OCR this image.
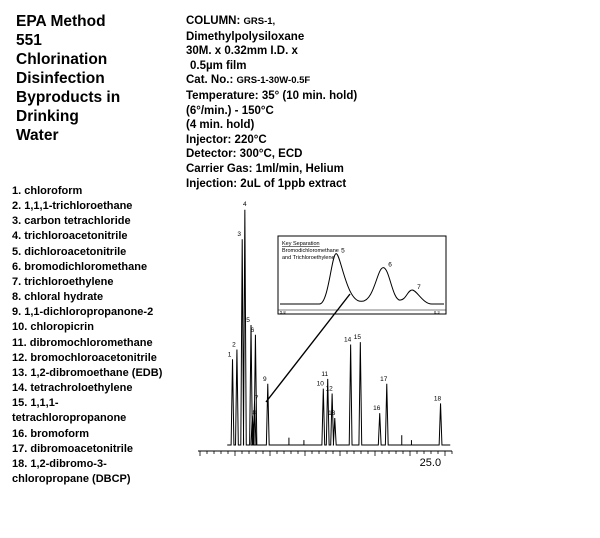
EPA Method
551
Chlorination
Disinfection
Byproducts in
Drinking
Water
COLUMN: GRS-1,
Dimethylpolysiloxane
30M. x 0.32mm I.D. x
0.5µm film
Cat. No.: GRS-1-30W-0.5F
Temperature: 35° (10 min. hold)
(6°/min.) - 150°C
(4 min. hold)
Injector: 220°C
Detector: 300°C, ECD
Carrier Gas: 1ml/min, Helium
Injection: 2uL of 1ppb extract
1. chloroform
2. 1,1,1-trichloroethane
3. carbon tetrachloride
4. trichloroacetonitrile
5. dichloroacetonitrile
6. bromodichloromethane
7. trichloroethylene
8. chloral hydrate
9. 1,1-dichloropropanone-2
10. chloropicrin
11. dibromochloromethane
12. bromochloroacetonitrile
13. 1,2-dibromoethane (EDB)
14. tetrachroloethylene
15. 1,1,1-
tetrachloropropanone
16. bromoform
17. dibromoacetonitrile
18. 1,2-dibromo-3-
chloropropane (DBCP)
25.0
1
2
3
4
5
8
7
6
9
10
11
12
13
14 15
16
17
18
Key Separation
Bromodichloromethane
and Trichloroethylene
5
6
7
5.8	6.3
